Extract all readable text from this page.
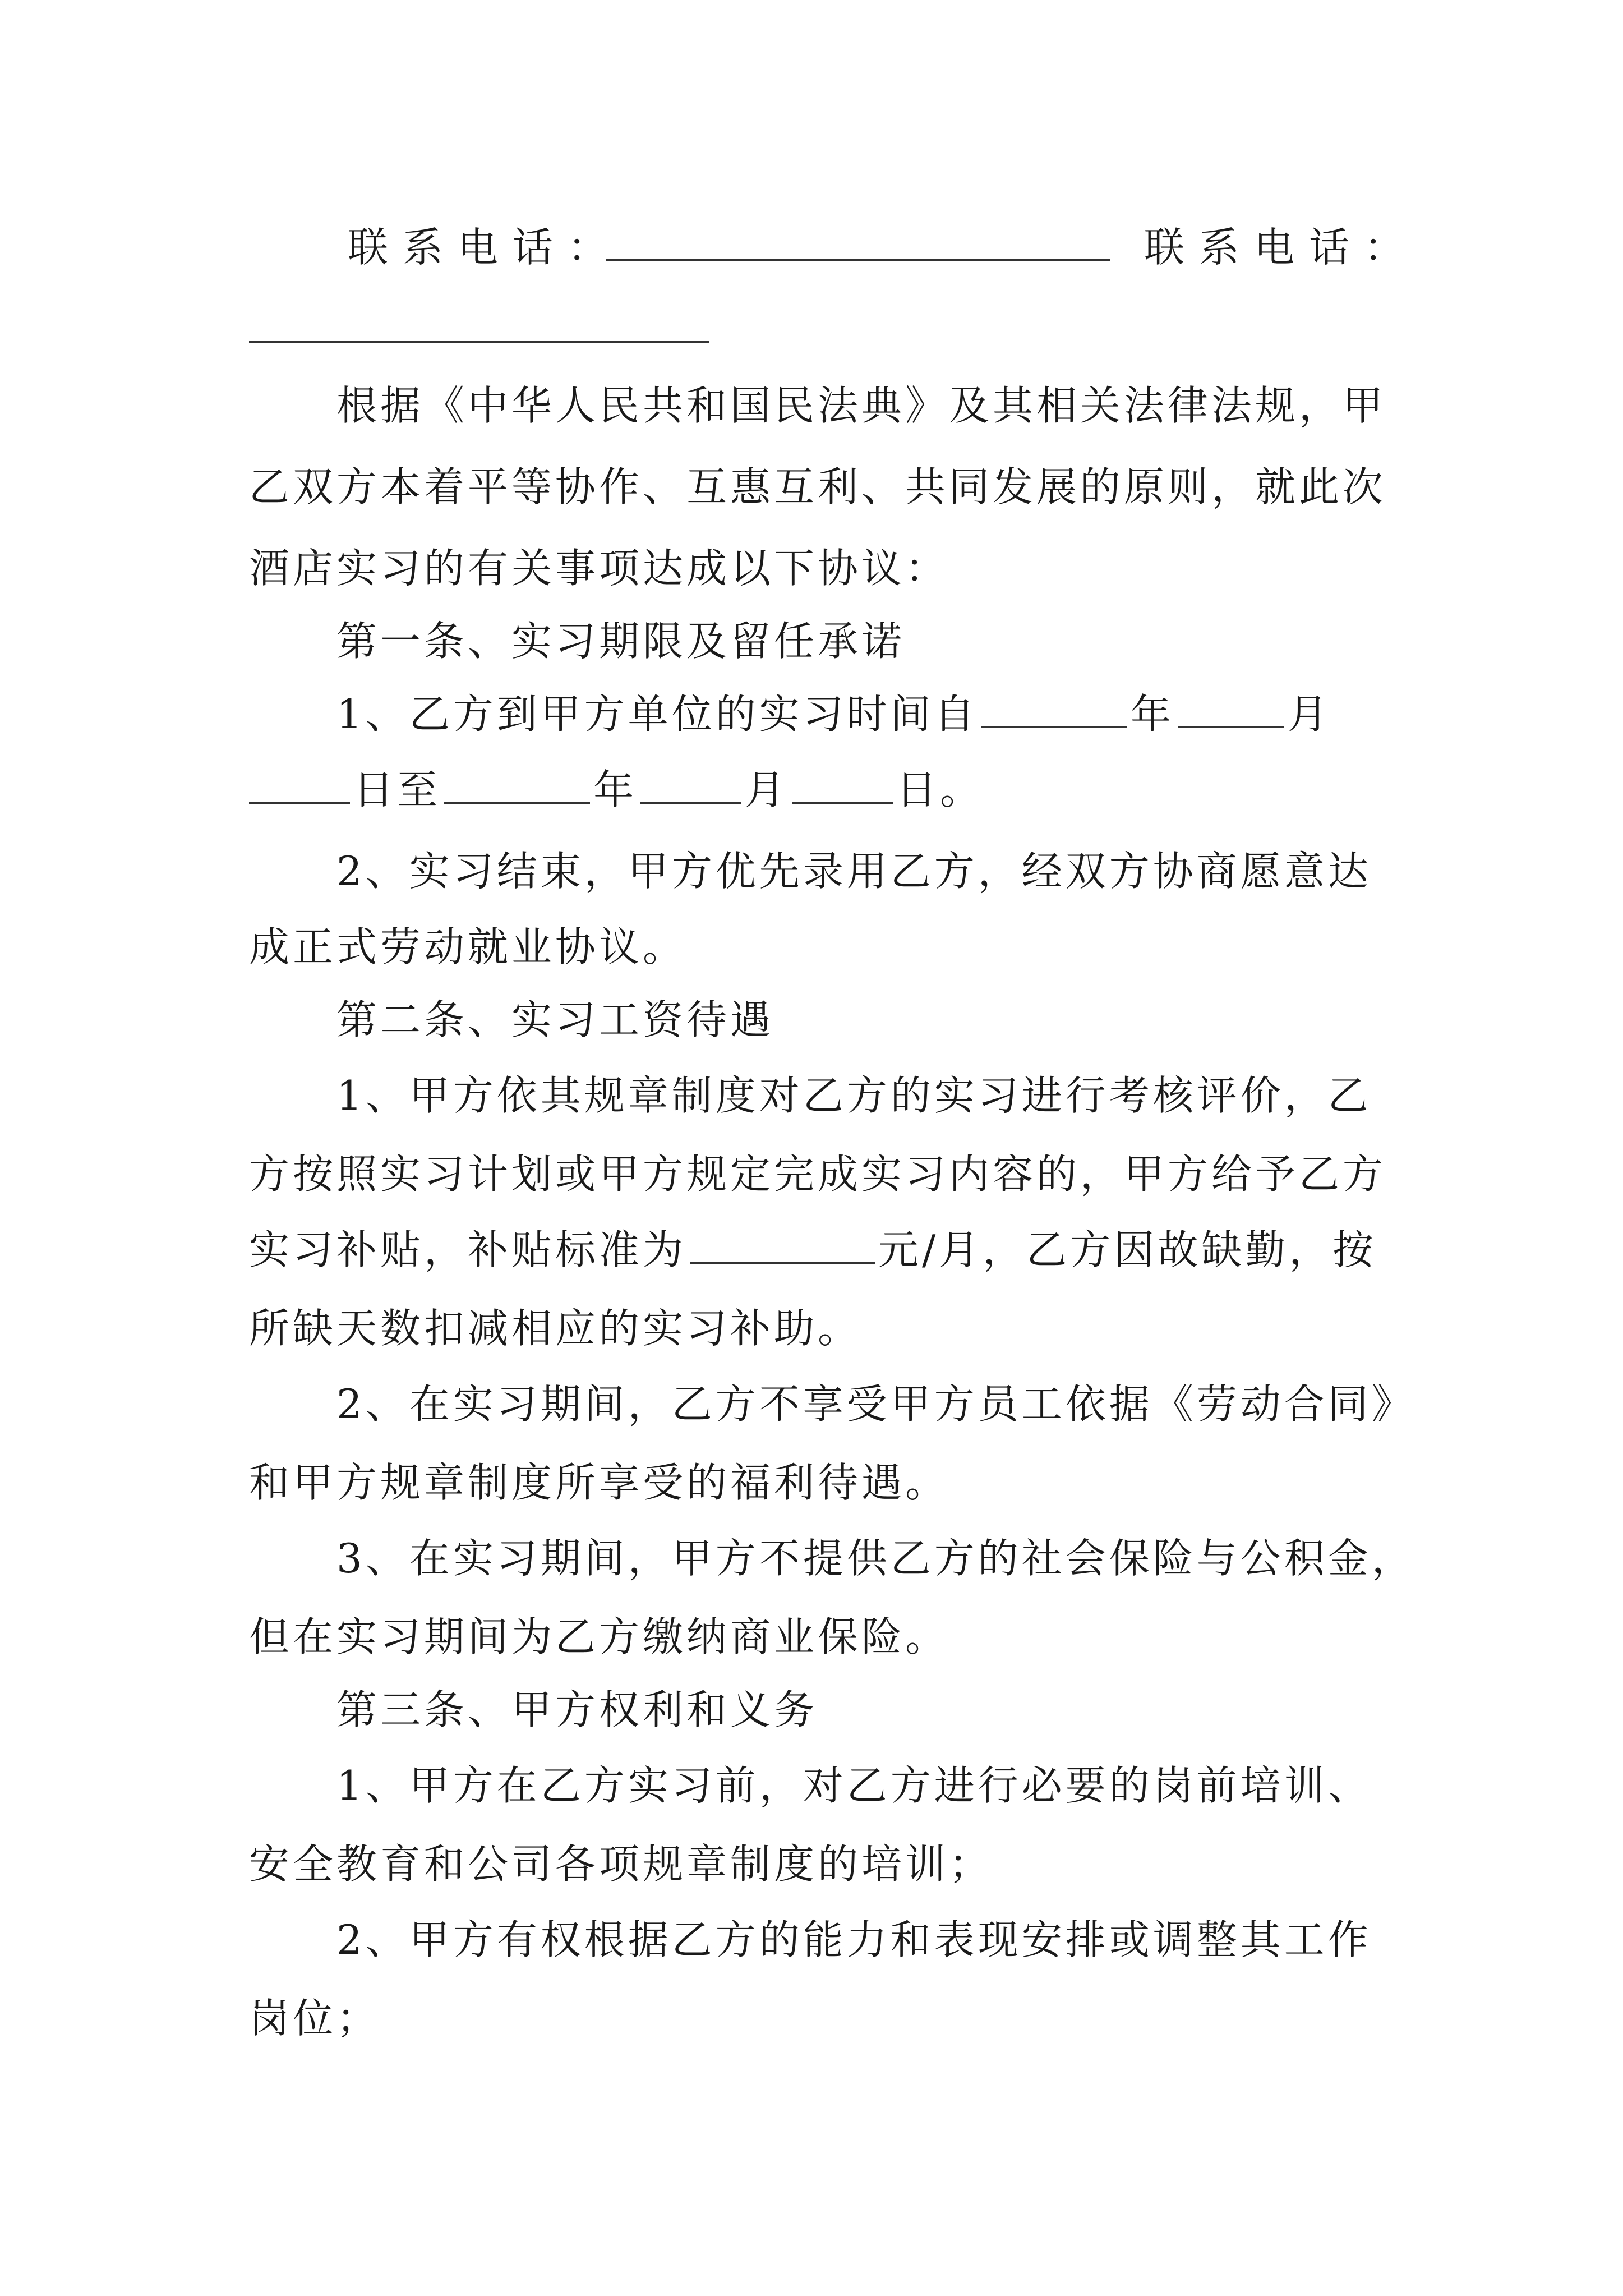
联系电话：	联系电话：
根据《中华人民共和国民法典》及其相关法律法规，甲
乙双方本着平等协作、互惠互利、共同发展的原则，就此次
酒店实习的有关事项达成以下协议：
第一条、实习期限及留任承诺
1、乙方到甲方单位的实习时间自	年	月
日至	年	月	日。
2、实习结束，甲方优先录用乙方，经双方协商愿意达
成正式劳动就业协议。
第二条、实习工资待遇
1、甲方依其规章制度对乙方的实习进行考核评价，乙
方按照实习计划或甲方规定完成实习内容的，甲方给予乙方
实习补贴，补贴标准为	元/月，乙方因故缺勤，按
所缺天数扣减相应的实习补助。
2、在实习期间，乙方不享受甲方员工依据《劳动合同》
和甲方规章制度所享受的福利待遇。
3、在实习期间，甲方不提供乙方的社会保险与公积金，
但在实习期间为乙方缴纳商业保险。
第三条、甲方权利和义务
1、甲方在乙方实习前，对乙方进行必要的岗前培训、
安全教育和公司各项规章制度的培训；
2、甲方有权根据乙方的能力和表现安排或调整其工作
岗位；
